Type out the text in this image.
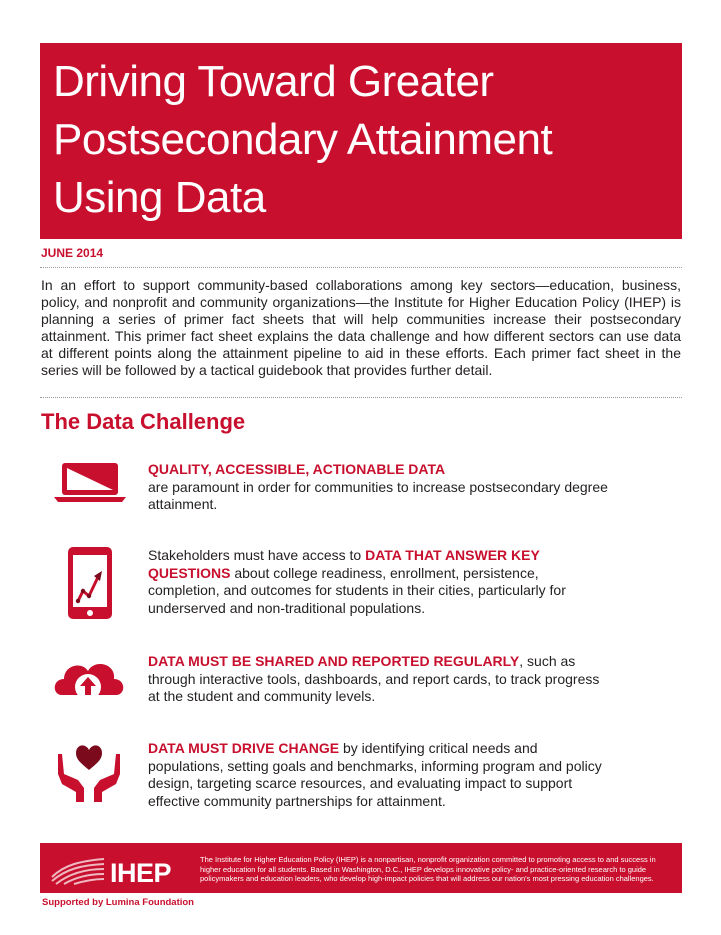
Driving Toward Greater
Postsecondary Attainment
Using Data
JUNE 2014

In an effort to support community-based collaborations among key sectors—education, business, policy, and nonprofit and community organizations—the Institute for Higher Education Policy (IHEP) is planning a series of primer fact sheets that will help communities increase their postsecondary attainment. This primer fact sheet explains the data challenge and how different sectors can use data at different points along the attainment pipeline to aid in these efforts. Each primer fact sheet in the series will be followed by a tactical guidebook that provides further detail.

The Data Challenge

QUALITY, ACCESSIBLE, ACTIONABLE DATA
are paramount in order for communities to increase postsecondary degree attainment.

Stakeholders must have access to DATA THAT ANSWER KEY QUESTIONS about college readiness, enrollment, persistence, completion, and outcomes for students in their cities, particularly for underserved and non-traditional populations.

DATA MUST BE SHARED AND REPORTED REGULARLY, such as through interactive tools, dashboards, and report cards, to track progress at the student and community levels.

DATA MUST DRIVE CHANGE by identifying critical needs and populations, setting goals and benchmarks, informing program and policy design, targeting scarce resources, and evaluating impact to support effective community partnerships for attainment.

IHEP	The Institute for Higher Education Policy (IHEP) is a nonpartisan, nonprofit organization committed to promoting access to and success in higher education for all students. Based in Washington, D.C., IHEP develops innovative policy- and practice-oriented research to guide policymakers and education leaders, who develop high-impact policies that will address our nation's most pressing education challenges.

Supported by Lumina Foundation
